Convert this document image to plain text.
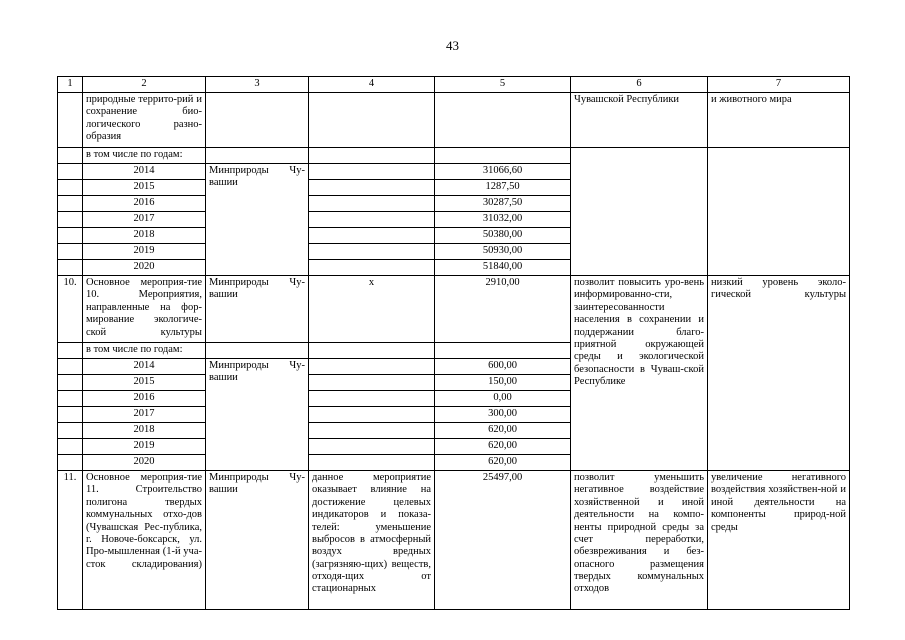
43
1	2	3	4	5	6	7
	природные террито-рий и сохранение био-логического разно-образия				Чувашской Республики	и животного мира
	в том числе по годам:					
	2014	Минприроды Чу-вашии		31066,60		
	2015			1287,50		
	2016			30287,50		
	2017			31032,00		
	2018			50380,00		
	2019			50930,00		
	2020			51840,00		
10.	Основное мероприя-тие 10. Мероприятия, направленные на фор-мирование экологиче-ской культуры	Минприроды Чу-вашии	х	2910,00	позволит повысить уро-вень информированно-сти, заинтересованности населения в сохранении и поддержании благо-приятной окружающей среды и экологической безопасности в Чуваш-ской Республике	низкий уровень эколо-гичеcкой культуры
	в том числе по годам:					
	2014	Минприроды Чу-вашии		600,00		
	2015			150,00		
	2016			0,00		
	2017			300,00		
	2018			620,00		
	2019			620,00		
	2020			620,00		
11.	Основное мероприя-тие 11. Строительство полигона твердых коммунальных отхо-дов (Чувашская Рес-публика, г. Новоче-боксарск, ул. Про-мышленная (1-й уча-сток складирования)	Минприроды Чу-вашии	данное мероприятие оказывает влияние на достижение целевых индикаторов и показа-телей: уменьшение выбросов в атмосферный воздух вредных (загрязняю-щих) веществ, отходя-щих от стационарных	25497,00	позволит уменьшить негативное воздействие хозяйственной и иной деятельности на компо-ненты природной среды за счет переработки, обезвреживания и без-опасного размещения твердых коммунальных отходов	увеличение негативного воздействия хозяйствен-ной и иной деятельности на компоненты природ-ной среды
